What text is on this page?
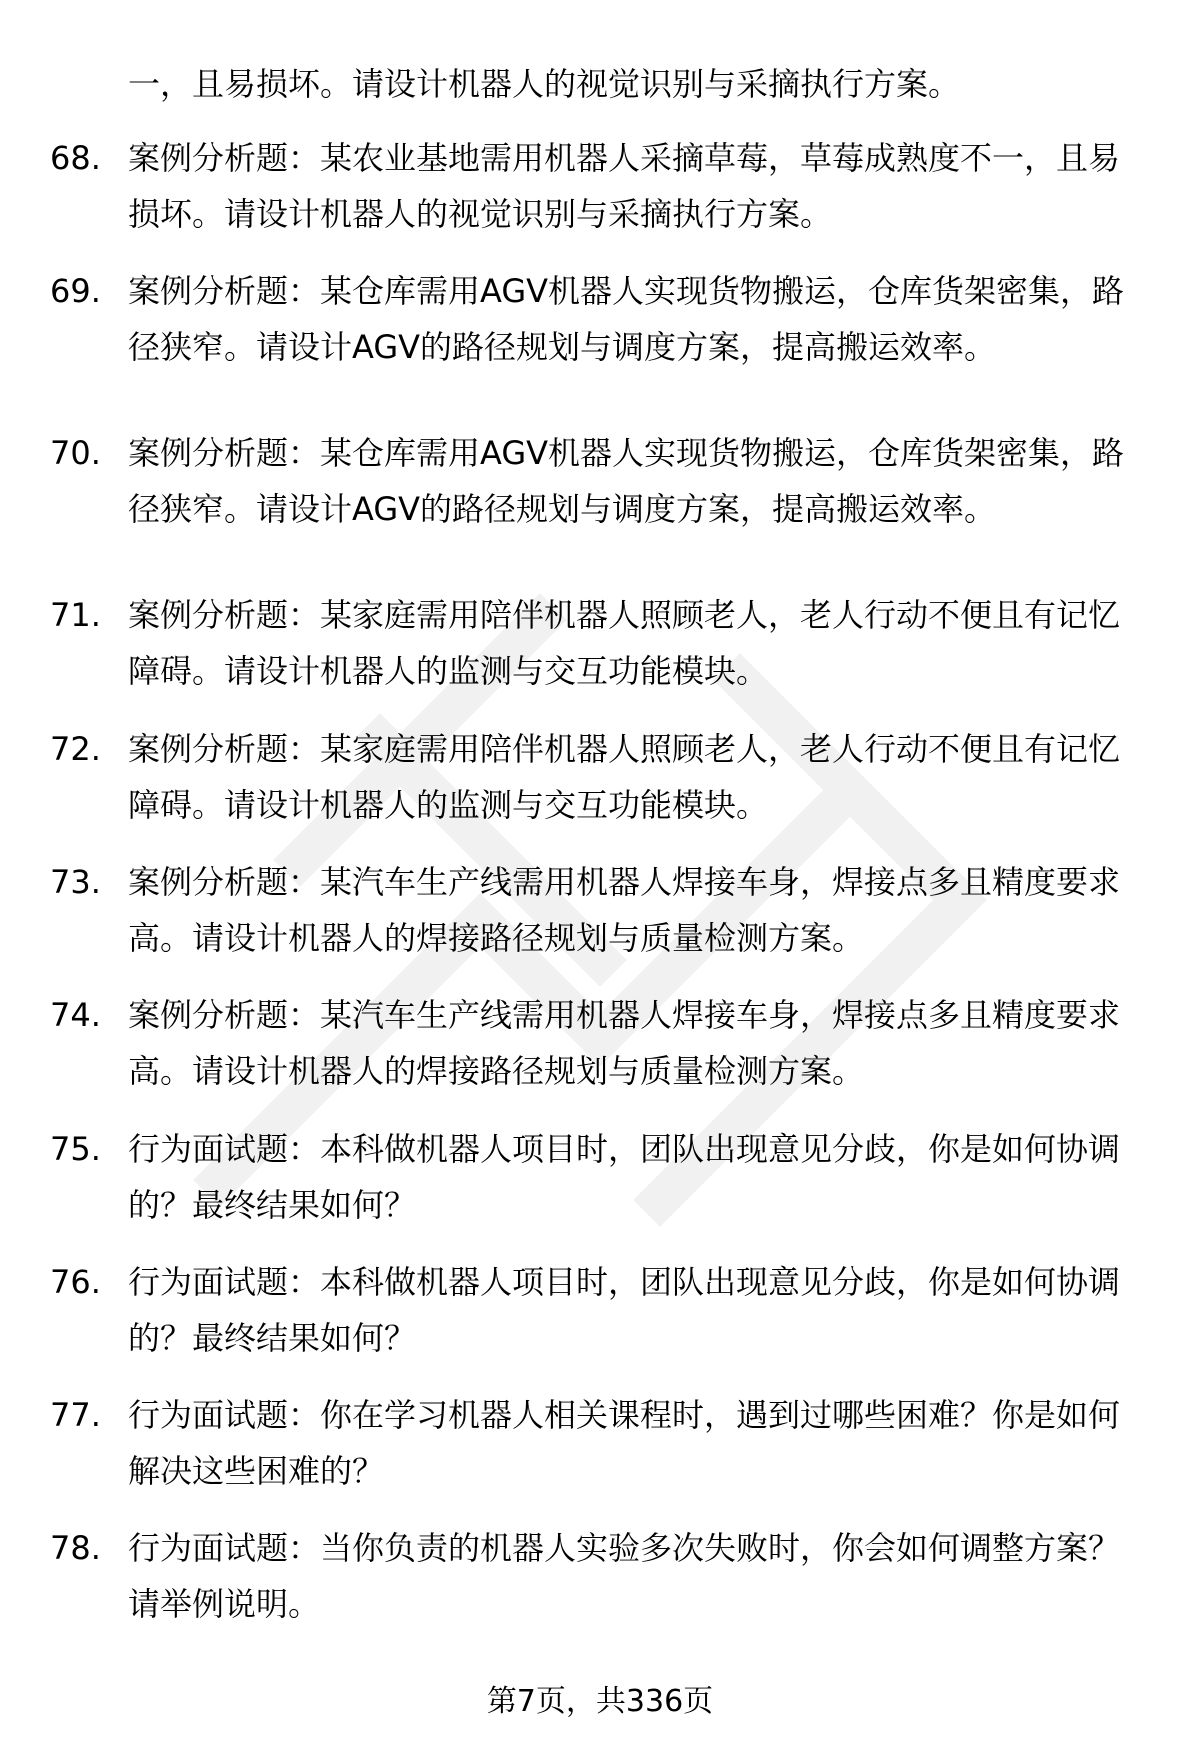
一，且易损坏。请设计机器人的视觉识别与采摘执行方案。
68. 案例分析题：某农业基地需用机器人采摘草莓，草莓成熟度不一，且易损坏。请设计机器人的视觉识别与采摘执行方案。
69. 案例分析题：某仓库需用AGV机器人实现货物搬运，仓库货架密集，路径狭窄。请设计AGV的路径规划与调度方案，提高搬运效率。
70. 案例分析题：某仓库需用AGV机器人实现货物搬运，仓库货架密集，路径狭窄。请设计AGV的路径规划与调度方案，提高搬运效率。
71. 案例分析题：某家庭需用陪伴机器人照顾老人，老人行动不便且有记忆障碍。请设计机器人的监测与交互功能模块。
72. 案例分析题：某家庭需用陪伴机器人照顾老人，老人行动不便且有记忆障碍。请设计机器人的监测与交互功能模块。
73. 案例分析题：某汽车生产线需用机器人焊接车身，焊接点多且精度要求高。请设计机器人的焊接路径规划与质量检测方案。
74. 案例分析题：某汽车生产线需用机器人焊接车身，焊接点多且精度要求高。请设计机器人的焊接路径规划与质量检测方案。
75. 行为面试题：本科做机器人项目时，团队出现意见分歧，你是如何协调的？最终结果如何？
76. 行为面试题：本科做机器人项目时，团队出现意见分歧，你是如何协调的？最终结果如何？
77. 行为面试题：你在学习机器人相关课程时，遇到过哪些困难？你是如何解决这些困难的？
78. 行为面试题：当你负责的机器人实验多次失败时，你会如何调整方案？请举例说明。
第7页，共336页
